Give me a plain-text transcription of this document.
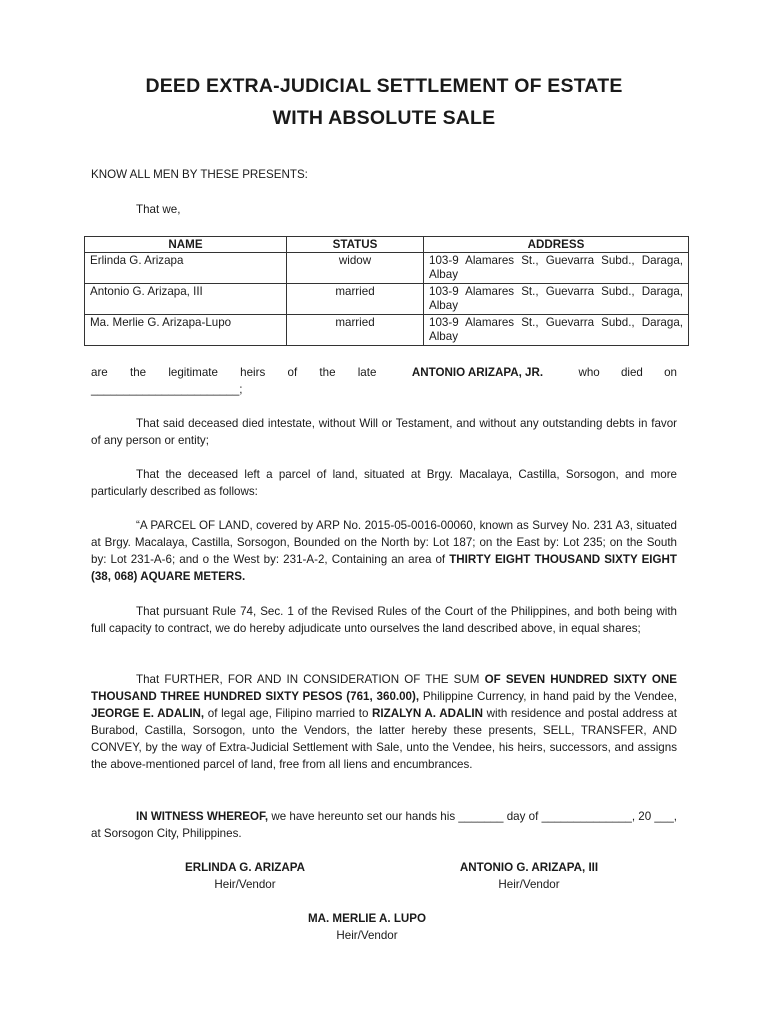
DEED EXTRA-JUDICIAL SETTLEMENT OF ESTATE
WITH ABSOLUTE SALE
KNOW ALL MEN BY THESE PRESENTS:
That we,
NAME	STATUS	ADDRESS
Erlinda G. Arizapa	widow	103-9 Alamares St., Guevarra Subd., Daraga, Albay
Antonio G. Arizapa, III	married	103-9 Alamares St., Guevarra Subd., Daraga, Albay
Ma. Merlie G. Arizapa-Lupo	married	103-9 Alamares St., Guevarra Subd., Daraga, Albay
are the legitimate heirs of the late	ANTONIO ARIZAPA, JR.	who died on
_______________________;
That said deceased died intestate, without Will or Testament, and without any outstanding debts in favor of any person or entity;
That the deceased left a parcel of land, situated at Brgy. Macalaya, Castilla, Sorsogon, and more particularly described as follows:
“A PARCEL OF LAND, covered by ARP No. 2015-05-0016-00060, known as Survey No. 231 A3, situated at Brgy. Macalaya, Castilla, Sorsogon, Bounded on the North by: Lot 187; on the East by: Lot 235; on the South by: Lot 231-A-6; and o the West by: 231-A-2, Containing an area of THIRTY EIGHT THOUSAND SIXTY EIGHT (38, 068) AQUARE METERS.
That pursuant Rule 74, Sec. 1 of the Revised Rules of the Court of the Philippines, and both being with full capacity to contract, we do hereby adjudicate unto ourselves the land described above, in equal shares;
That FURTHER, FOR AND IN CONSIDERATION OF THE SUM OF SEVEN HUNDRED SIXTY ONE THOUSAND THREE HUNDRED SIXTY PESOS (761, 360.00), Philippine Currency, in hand paid by the Vendee, JEORGE E. ADALIN, of legal age, Filipino married to RIZALYN A. ADALIN with residence and postal address at Burabod, Castilla, Sorsogon, unto the Vendors, the latter hereby these presents, SELL, TRANSFER, AND CONVEY, by the way of Extra-Judicial Settlement with Sale, unto the Vendee, his heirs, successors, and assigns the above-mentioned parcel of land, free from all liens and encumbrances.
IN WITNESS WHEREOF, we have hereunto set our hands his _______ day of ______________, 20 ___, at Sorsogon City, Philippines.
ERLINDA G. ARIZAPA
Heir/Vendor
ANTONIO G. ARIZAPA, III
Heir/Vendor
MA. MERLIE A. LUPO
Heir/Vendor
